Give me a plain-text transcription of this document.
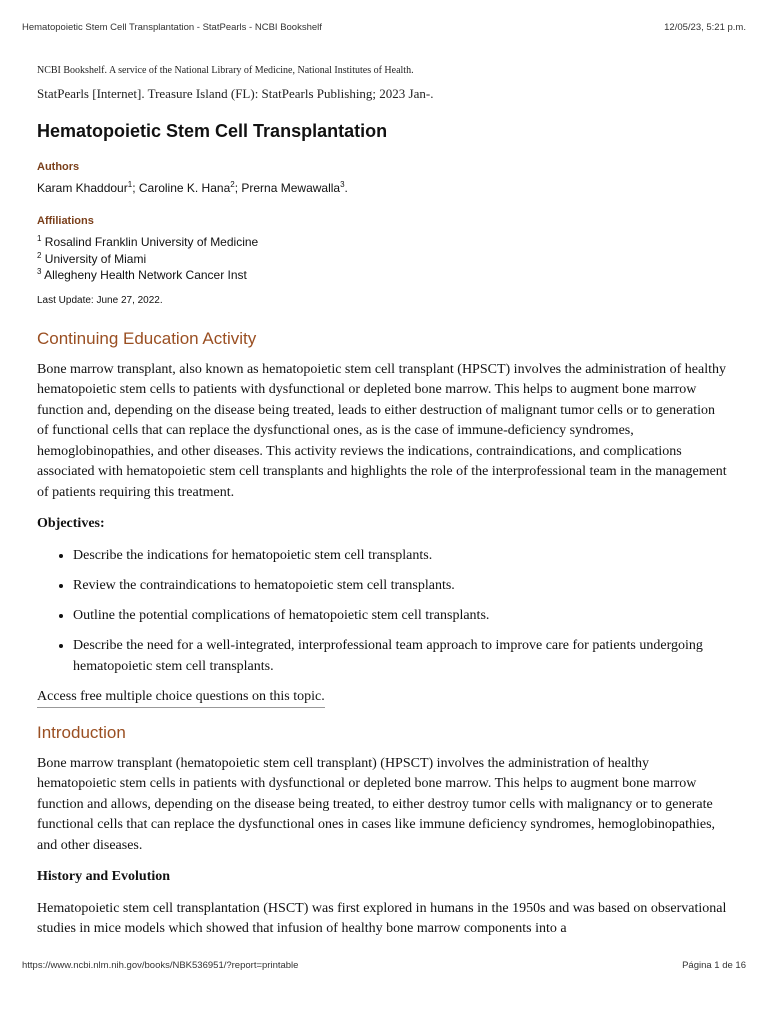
Hematopoietic Stem Cell Transplantation - StatPearls - NCBI Bookshelf	12/05/23, 5:21 p.m.
NCBI Bookshelf. A service of the National Library of Medicine, National Institutes of Health.
StatPearls [Internet]. Treasure Island (FL): StatPearls Publishing; 2023 Jan-.
Hematopoietic Stem Cell Transplantation
Authors
Karam Khaddour$^1$; Caroline K. Hana$^2$; Prerna Mewawalla$^3$.
Affiliations
$^1$ Rosalind Franklin University of Medicine
$^2$ University of Miami
$^3$ Allegheny Health Network Cancer Inst
Last Update: June 27, 2022.
Continuing Education Activity

Bone marrow transplant, also known as hematopoietic stem cell transplant (HPSCT) involves the administration of healthy hematopoietic stem cells to patients with dysfunctional or depleted bone marrow. This helps to augment bone marrow function and, depending on the disease being treated, leads to either destruction of malignant tumor cells or to generation of functional cells that can replace the dysfunctional ones, as is the case of immune-deficiency syndromes, hemoglobinopathies, and other diseases. This activity reviews the indications, contraindications, and complications associated with hematopoietic stem cell transplants and highlights the role of the interprofessional team in the management of patients requiring this treatment.

Objectives:
• Describe the indications for hematopoietic stem cell transplants.
• Review the contraindications to hematopoietic stem cell transplants.
• Outline the potential complications of hematopoietic stem cell transplants.
• Describe the need for a well-integrated, interprofessional team approach to improve care for patients undergoing hematopoietic stem cell transplants.
Access free multiple choice questions on this topic.
Introduction

Bone marrow transplant (hematopoietic stem cell transplant) (HPSCT) involves the administration of healthy hematopoietic stem cells in patients with dysfunctional or depleted bone marrow. This helps to augment bone marrow function and allows, depending on the disease being treated, to either destroy tumor cells with malignancy or to generate functional cells that can replace the dysfunctional ones in cases like immune deficiency syndromes, hemoglobinopathies, and other diseases.

History and Evolution

Hematopoietic stem cell transplantation (HSCT) was first explored in humans in the 1950s and was based on observational studies in mice models which showed that infusion of healthy bone marrow components into a

https://www.ncbi.nlm.nih.gov/books/NBK536951/?report=printable	Página 1 de 16
